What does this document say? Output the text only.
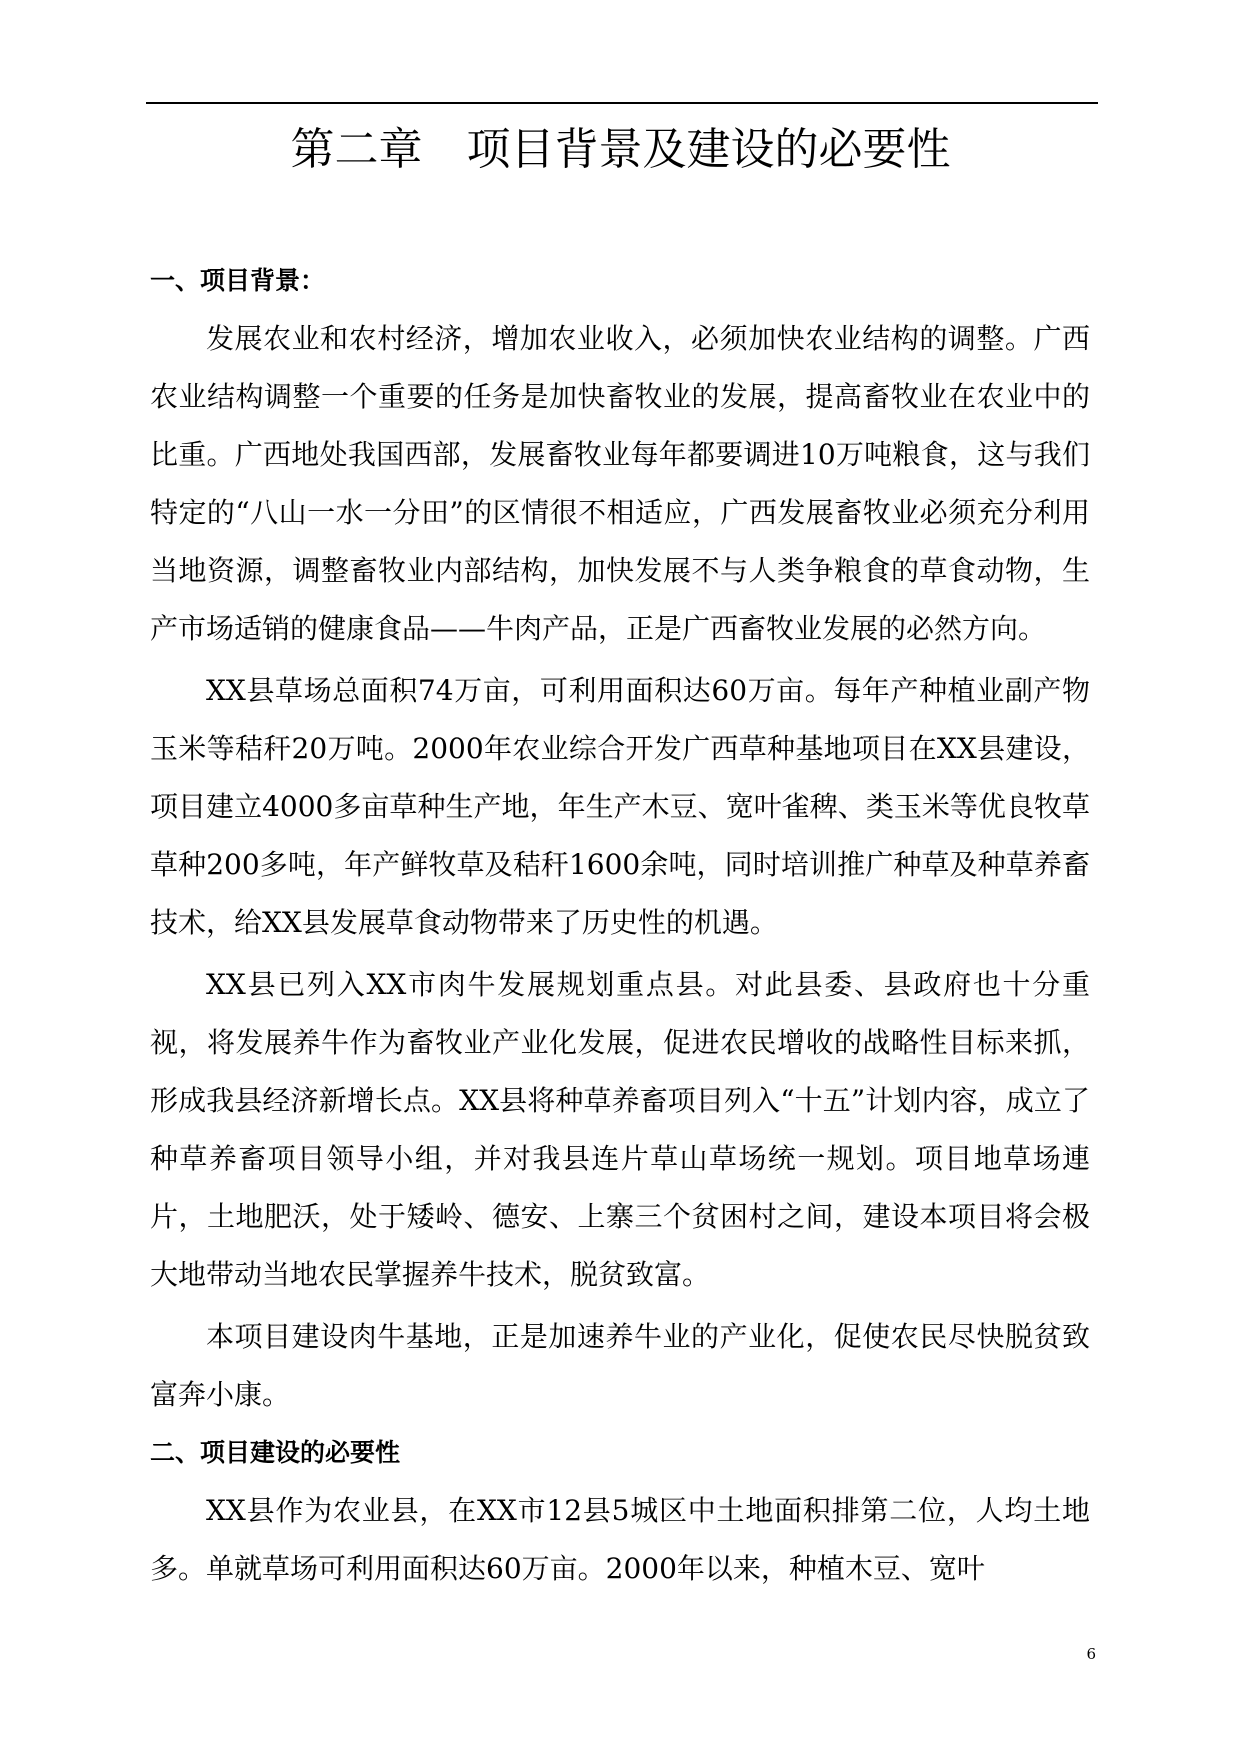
第二章　项目背景及建设的必要性
一、项目背景：

发展农业和农村经济，增加农业收入，必须加快农业结构的调整。广西农业结构调整一个重要的任务是加快畜牧业的发展，提高畜牧业在农业中的比重。广西地处我国西部，发展畜牧业每年都要调进10万吨粮食，这与我们特定的“八山一水一分田”的区情很不相适应，广西发展畜牧业必须充分利用当地资源，调整畜牧业内部结构，加快发展不与人类争粮食的草食动物，生产市场适销的健康食品——牛肉产品，正是广西畜牧业发展的必然方向。

XX县草场总面积74万亩，可利用面积达60万亩。每年产种植业副产物玉米等秸秆20万吨。2000年农业综合开发广西草种基地项目在XX县建设，项目建立4000多亩草种生产地，年生产木豆、宽叶雀稗、类玉米等优良牧草草种200多吨，年产鲜牧草及秸秆1600余吨，同时培训推广种草及种草养畜技术，给XX县发展草食动物带来了历史性的机遇。

XX县已列入XX市肉牛发展规划重点县。对此县委、县政府也十分重视，将发展养牛作为畜牧业产业化发展，促进农民增收的战略性目标来抓，形成我县经济新增长点。XX县将种草养畜项目列入“十五”计划内容，成立了种草养畜项目领导小组，并对我县连片草山草场统一规划。项目地草场連片，土地肥沃，处于矮岭、德安、上寨三个贫困村之间，建设本项目将会极大地带动当地农民掌握养牛技术，脱贫致富。

本项目建设肉牛基地，正是加速养牛业的产业化，促使农民尽快脱贫致富奔小康。

二、项目建设的必要性

XX县作为农业县，在XX市12县5城区中土地面积排第二位，人均土地多。单就草场可利用面积达60万亩。2000年以来，种植木豆、宽叶

6
